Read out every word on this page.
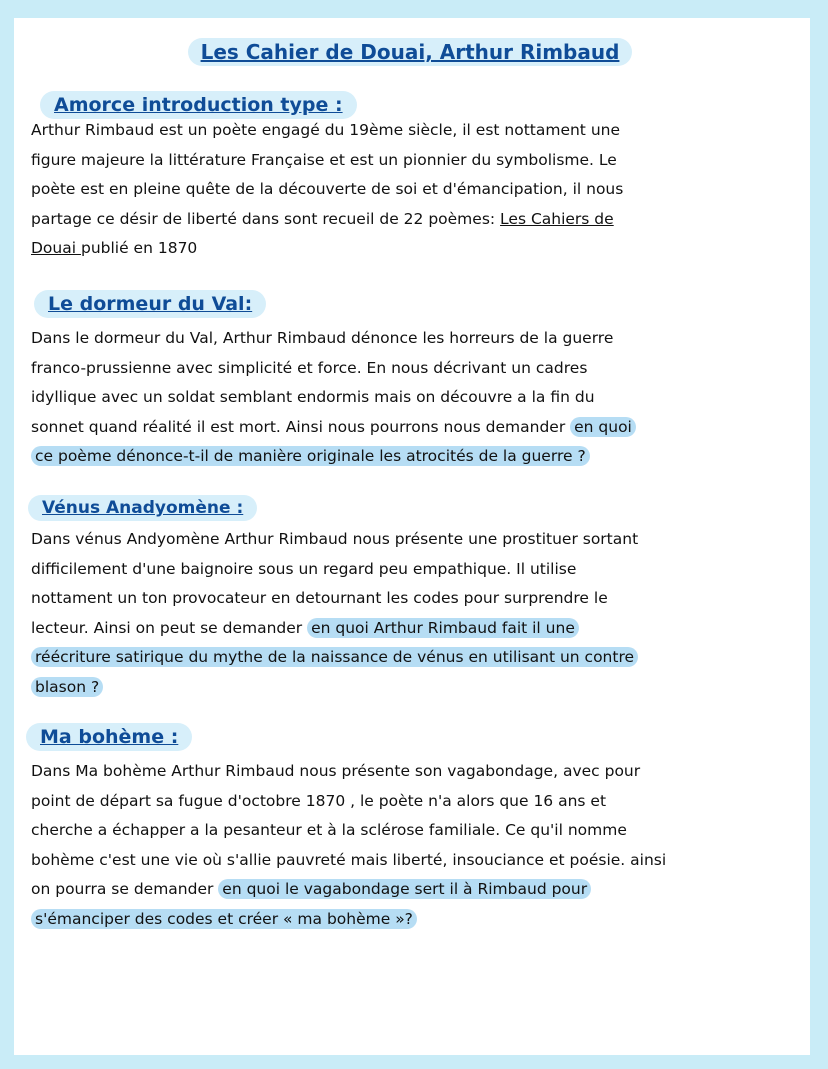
Les Cahier de Douai, Arthur Rimbaud
Amorce introduction type :
Arthur Rimbaud est un poète engagé du 19ème siècle, il est nottament une
figure majeure la littérature Française et est un pionnier du symbolisme. Le
poète est en pleine quête de la découverte de soi et d'émancipation, il nous
partage ce désir de liberté dans sont recueil de 22 poèmes: Les Cahiers de
Douai publié en 1870
Le dormeur du Val:
Dans le dormeur du Val, Arthur Rimbaud dénonce les horreurs de la guerre
franco-prussienne avec simplicité et force. En nous décrivant un cadres
idyllique avec un soldat semblant endormis mais on découvre a la fin du
sonnet quand réalité il est mort. Ainsi nous pourrons nous demander en quoi
ce poème dénonce-t-il de manière originale les atrocités de la guerre ?
Vénus Anadyomène :
Dans vénus Andyomène Arthur Rimbaud nous présente une prostituer sortant
difficilement d'une baignoire sous un regard peu empathique. Il utilise
nottament un ton provocateur en detournant les codes pour surprendre le
lecteur. Ainsi on peut se demander en quoi Arthur Rimbaud fait il une
réécriture satirique du mythe de la naissance de vénus en utilisant un contre
blason ?
Ma bohème :
Dans Ma bohème Arthur Rimbaud nous présente son vagabondage, avec pour
point de départ sa fugue d'octobre 1870 , le poète n'a alors que 16 ans et
cherche a échapper a la pesanteur et à la sclérose familiale. Ce qu'il nomme
bohème c'est une vie où s'allie pauvreté mais liberté, insouciance et poésie. ainsi
on pourra se demander en quoi le vagabondage sert il à Rimbaud pour
s'émanciper des codes et créer « ma bohème »?
